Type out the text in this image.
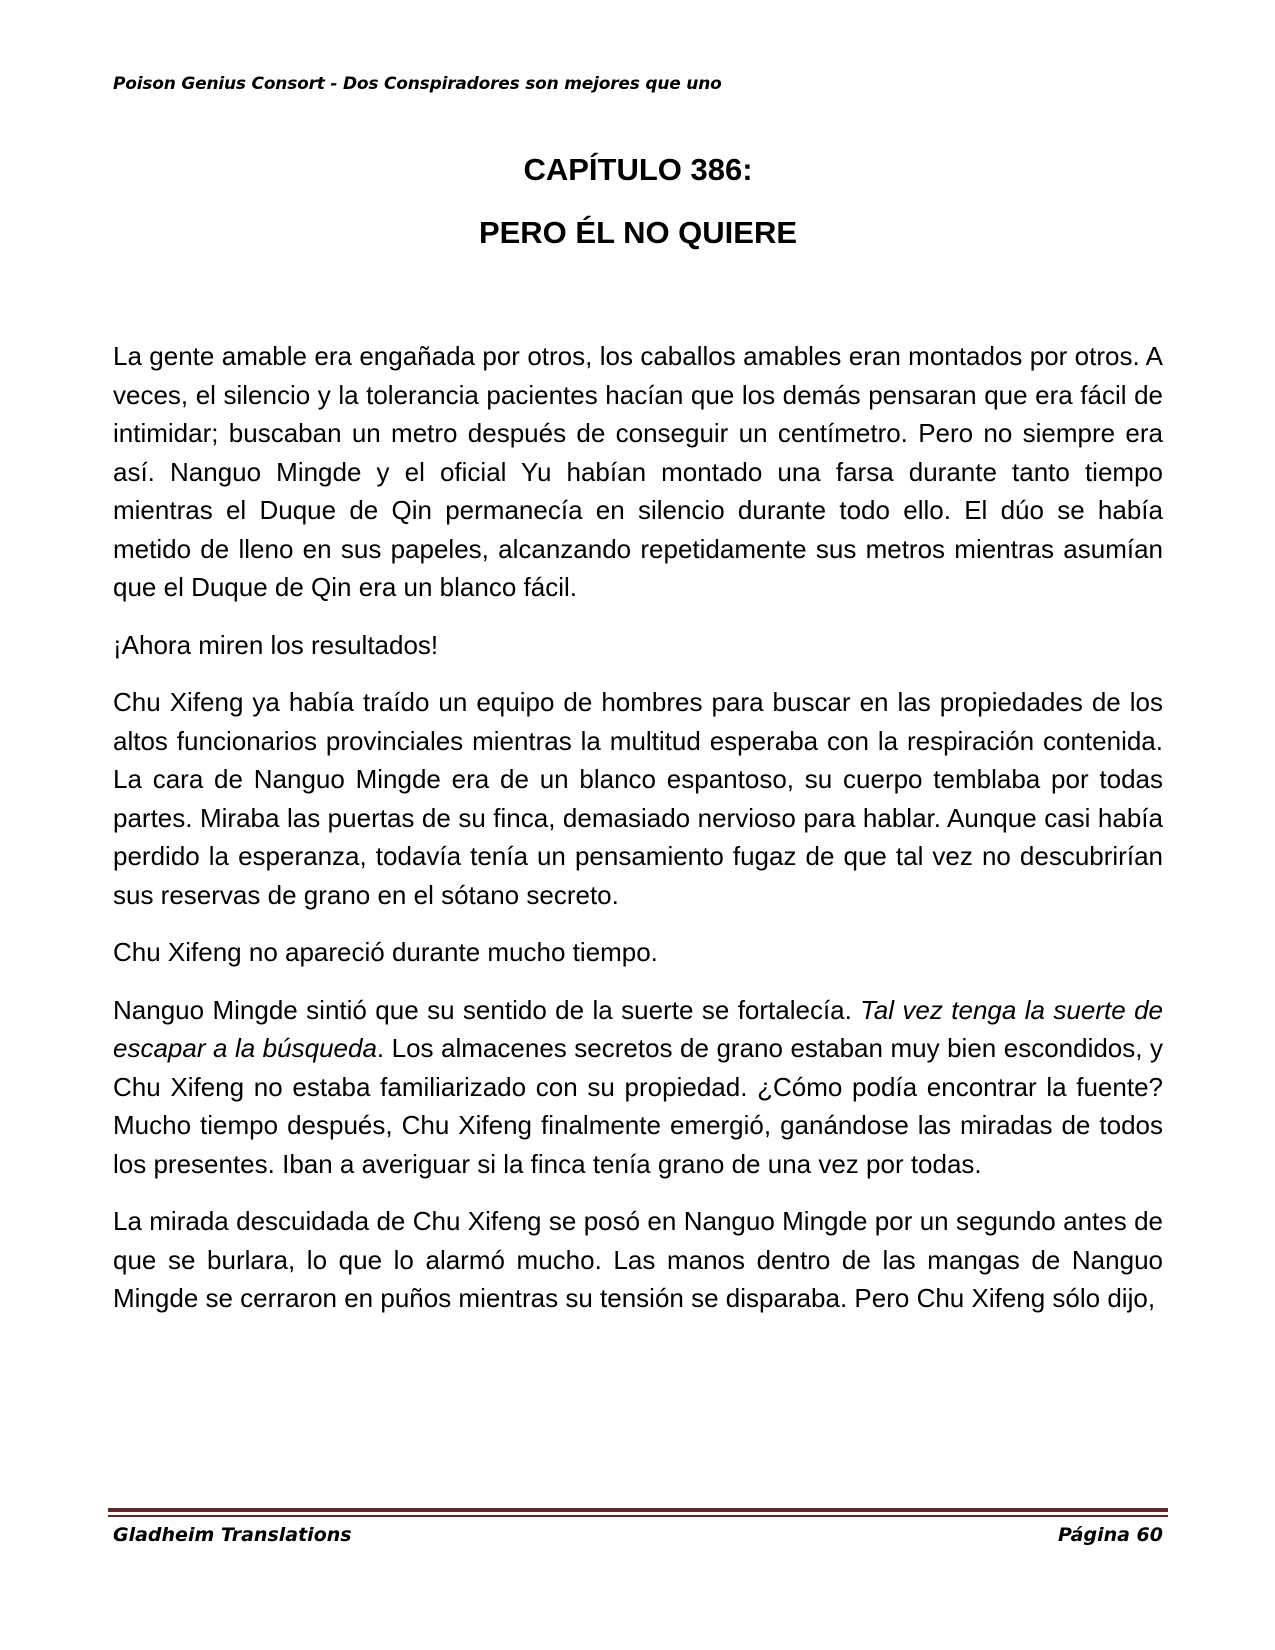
Poison Genius Consort - Dos Conspiradores son mejores que uno
CAPÍTULO 386:
PERO ÉL NO QUIERE

La gente amable era engañada por otros, los caballos amables eran montados por otros. A veces, el silencio y la tolerancia pacientes hacían que los demás pensaran que era fácil de intimidar; buscaban un metro después de conseguir un centímetro. Pero no siempre era así. Nanguo Mingde y el oficial Yu habían montado una farsa durante tanto tiempo mientras el Duque de Qin permanecía en silencio durante todo ello. El dúo se había metido de lleno en sus papeles, alcanzando repetidamente sus metros mientras asumían que el Duque de Qin era un blanco fácil.

¡Ahora miren los resultados!

Chu Xifeng ya había traído un equipo de hombres para buscar en las propiedades de los altos funcionarios provinciales mientras la multitud esperaba con la respiración contenida. La cara de Nanguo Mingde era de un blanco espantoso, su cuerpo temblaba por todas partes. Miraba las puertas de su finca, demasiado nervioso para hablar. Aunque casi había perdido la esperanza, todavía tenía un pensamiento fugaz de que tal vez no descubrirían sus reservas de grano en el sótano secreto.

Chu Xifeng no apareció durante mucho tiempo.

Nanguo Mingde sintió que su sentido de la suerte se fortalecía. Tal vez tenga la suerte de escapar a la búsqueda. Los almacenes secretos de grano estaban muy bien escondidos, y Chu Xifeng no estaba familiarizado con su propiedad. ¿Cómo podía encontrar la fuente? Mucho tiempo después, Chu Xifeng finalmente emergió, ganándose las miradas de todos los presentes. Iban a averiguar si la finca tenía grano de una vez por todas.

La mirada descuidada de Chu Xifeng se posó en Nanguo Mingde por un segundo antes de que se burlara, lo que lo alarmó mucho. Las manos dentro de las mangas de Nanguo Mingde se cerraron en puños mientras su tensión se disparaba. Pero Chu Xifeng sólo dijo,

Gladheim Translations	Página 60
